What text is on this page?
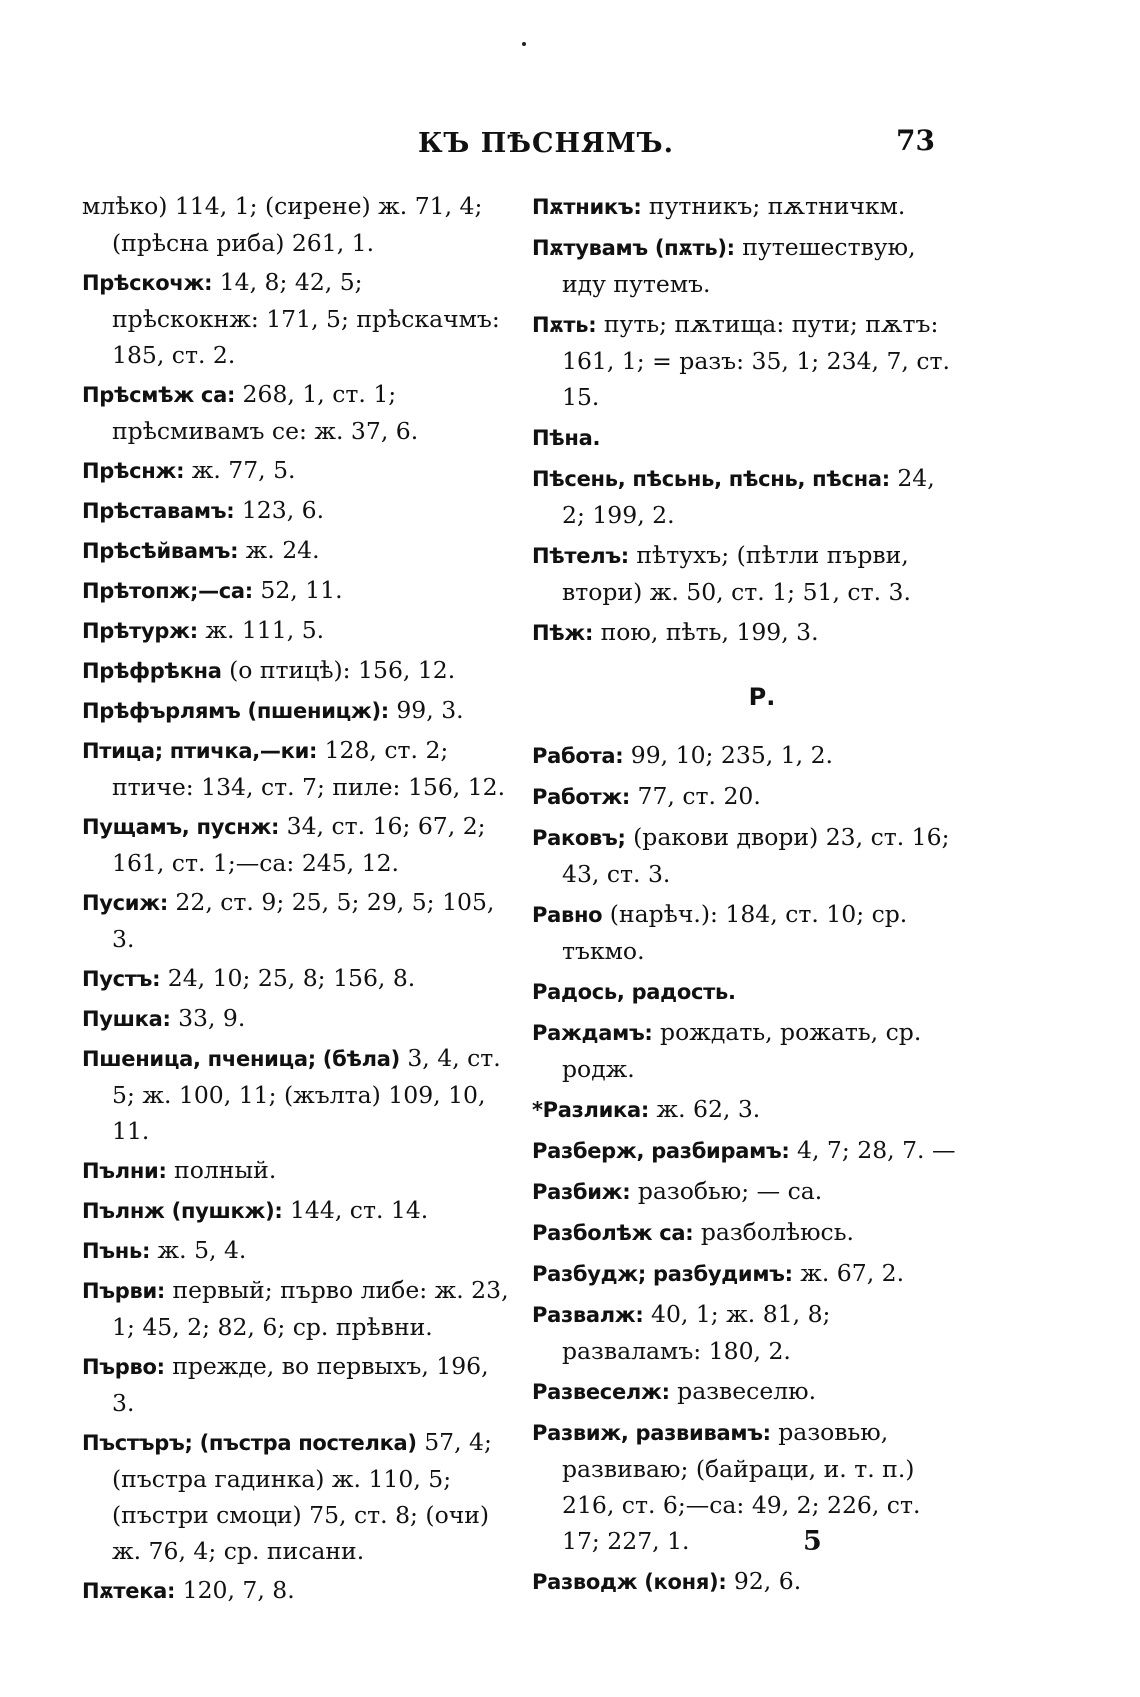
КЪ ПѢСНЯМЪ.	73
млѣко) 114, 1; (сирене) ж. 71, 4; (прѣсна риба) 261, 1.
Прѣскочж: 14, 8; 42, 5; прѣскокнж: 171, 5; прѣскачмъ: 185, ст. 2.
Прѣсмѣж са: 268, 1, ст. 1; прѣсмивамъ се: ж. 37, 6.
Прѣснж: ж. 77, 5.
Прѣставамъ: 123, 6.
Прѣсѣйвамъ: ж. 24.
Прѣтопж;—са: 52, 11.
Прѣтурж: ж. 111, 5.
Прѣфрѣкна (о птицѣ): 156, 12.
Прѣфърлямъ (пшеницж): 99, 3.
Птица; птичка,—ки: 128, ст. 2; птиче: 134, ст. 7; пиле: 156, 12.
Пущамъ, пуснж: 34, ст. 16; 67, 2; 161, ст. 1;—са: 245, 12.
Пусиж: 22, ст. 9; 25, 5; 29, 5; 105, 3.
Пустъ: 24, 10; 25, 8; 156, 8.
Пушка: 33, 9.
Пшеница, пченица; (бѣла) 3, 4, ст. 5; ж. 100, 11; (жълта) 109, 10, 11.
Пълни: полный.
Пълнж (пушкж): 144, ст. 14.
Пънь: ж. 5, 4.
Първи: первый; първо либе: ж. 23, 1; 45, 2; 82, 6; ср. прѣвни.
Първо: прежде, во первыхъ, 196, 3.
Пъстъръ; (пъстра постелка) 57, 4; (пъстра гадинка) ж. 110, 5; (пъстри смоци) 75, ст. 8; (очи) ж. 76, 4; ср. писани.
Пѫтека: 120, 7, 8.
Пѫтникъ: путникъ; пѫтничкм.
Пѫтувамъ (пѫть): путешествую, иду путемъ.
Пѫть: путь; пѫтища: пути; пѫтъ: 161, 1; = разъ: 35, 1; 234, 7, ст. 15.
Пѣна.
Пѣсень, пѣсьнь, пѣснь, пѣсна: 24, 2; 199, 2.
Пѣтелъ: пѣтухъ; (пѣтли първи, втори) ж. 50, ст. 1; 51, ст. 3.
Пѣж: пою, пѣть, 199, 3.
Р.
Работа: 99, 10; 235, 1, 2.
Работж: 77, ст. 20.
Раковъ; (ракови двори) 23, ст. 16; 43, ст. 3.
Равно (нарѣч.): 184, ст. 10; ср. тъкмо.
Радось, радость.
Раждамъ: рождать, рожать, ср. родж.
*Разлика: ж. 62, 3.
Разберж, разбирамъ: 4, 7; 28, 7. —
Разбиж: разобью; — са.
Разболѣж са: разболѣюсь.
Разбудж; разбудимъ: ж. 67, 2.
Развалж: 40, 1; ж. 81, 8; разваламъ: 180, 2.
Развеселж: развеселю.
Развиж, развивамъ: разовью, развиваю; (байраци, и. т. п.) 216, ст. 6;—са: 49, 2; 226, ст. 17; 227, 1.
Разводж (коня): 92, 6.
5
